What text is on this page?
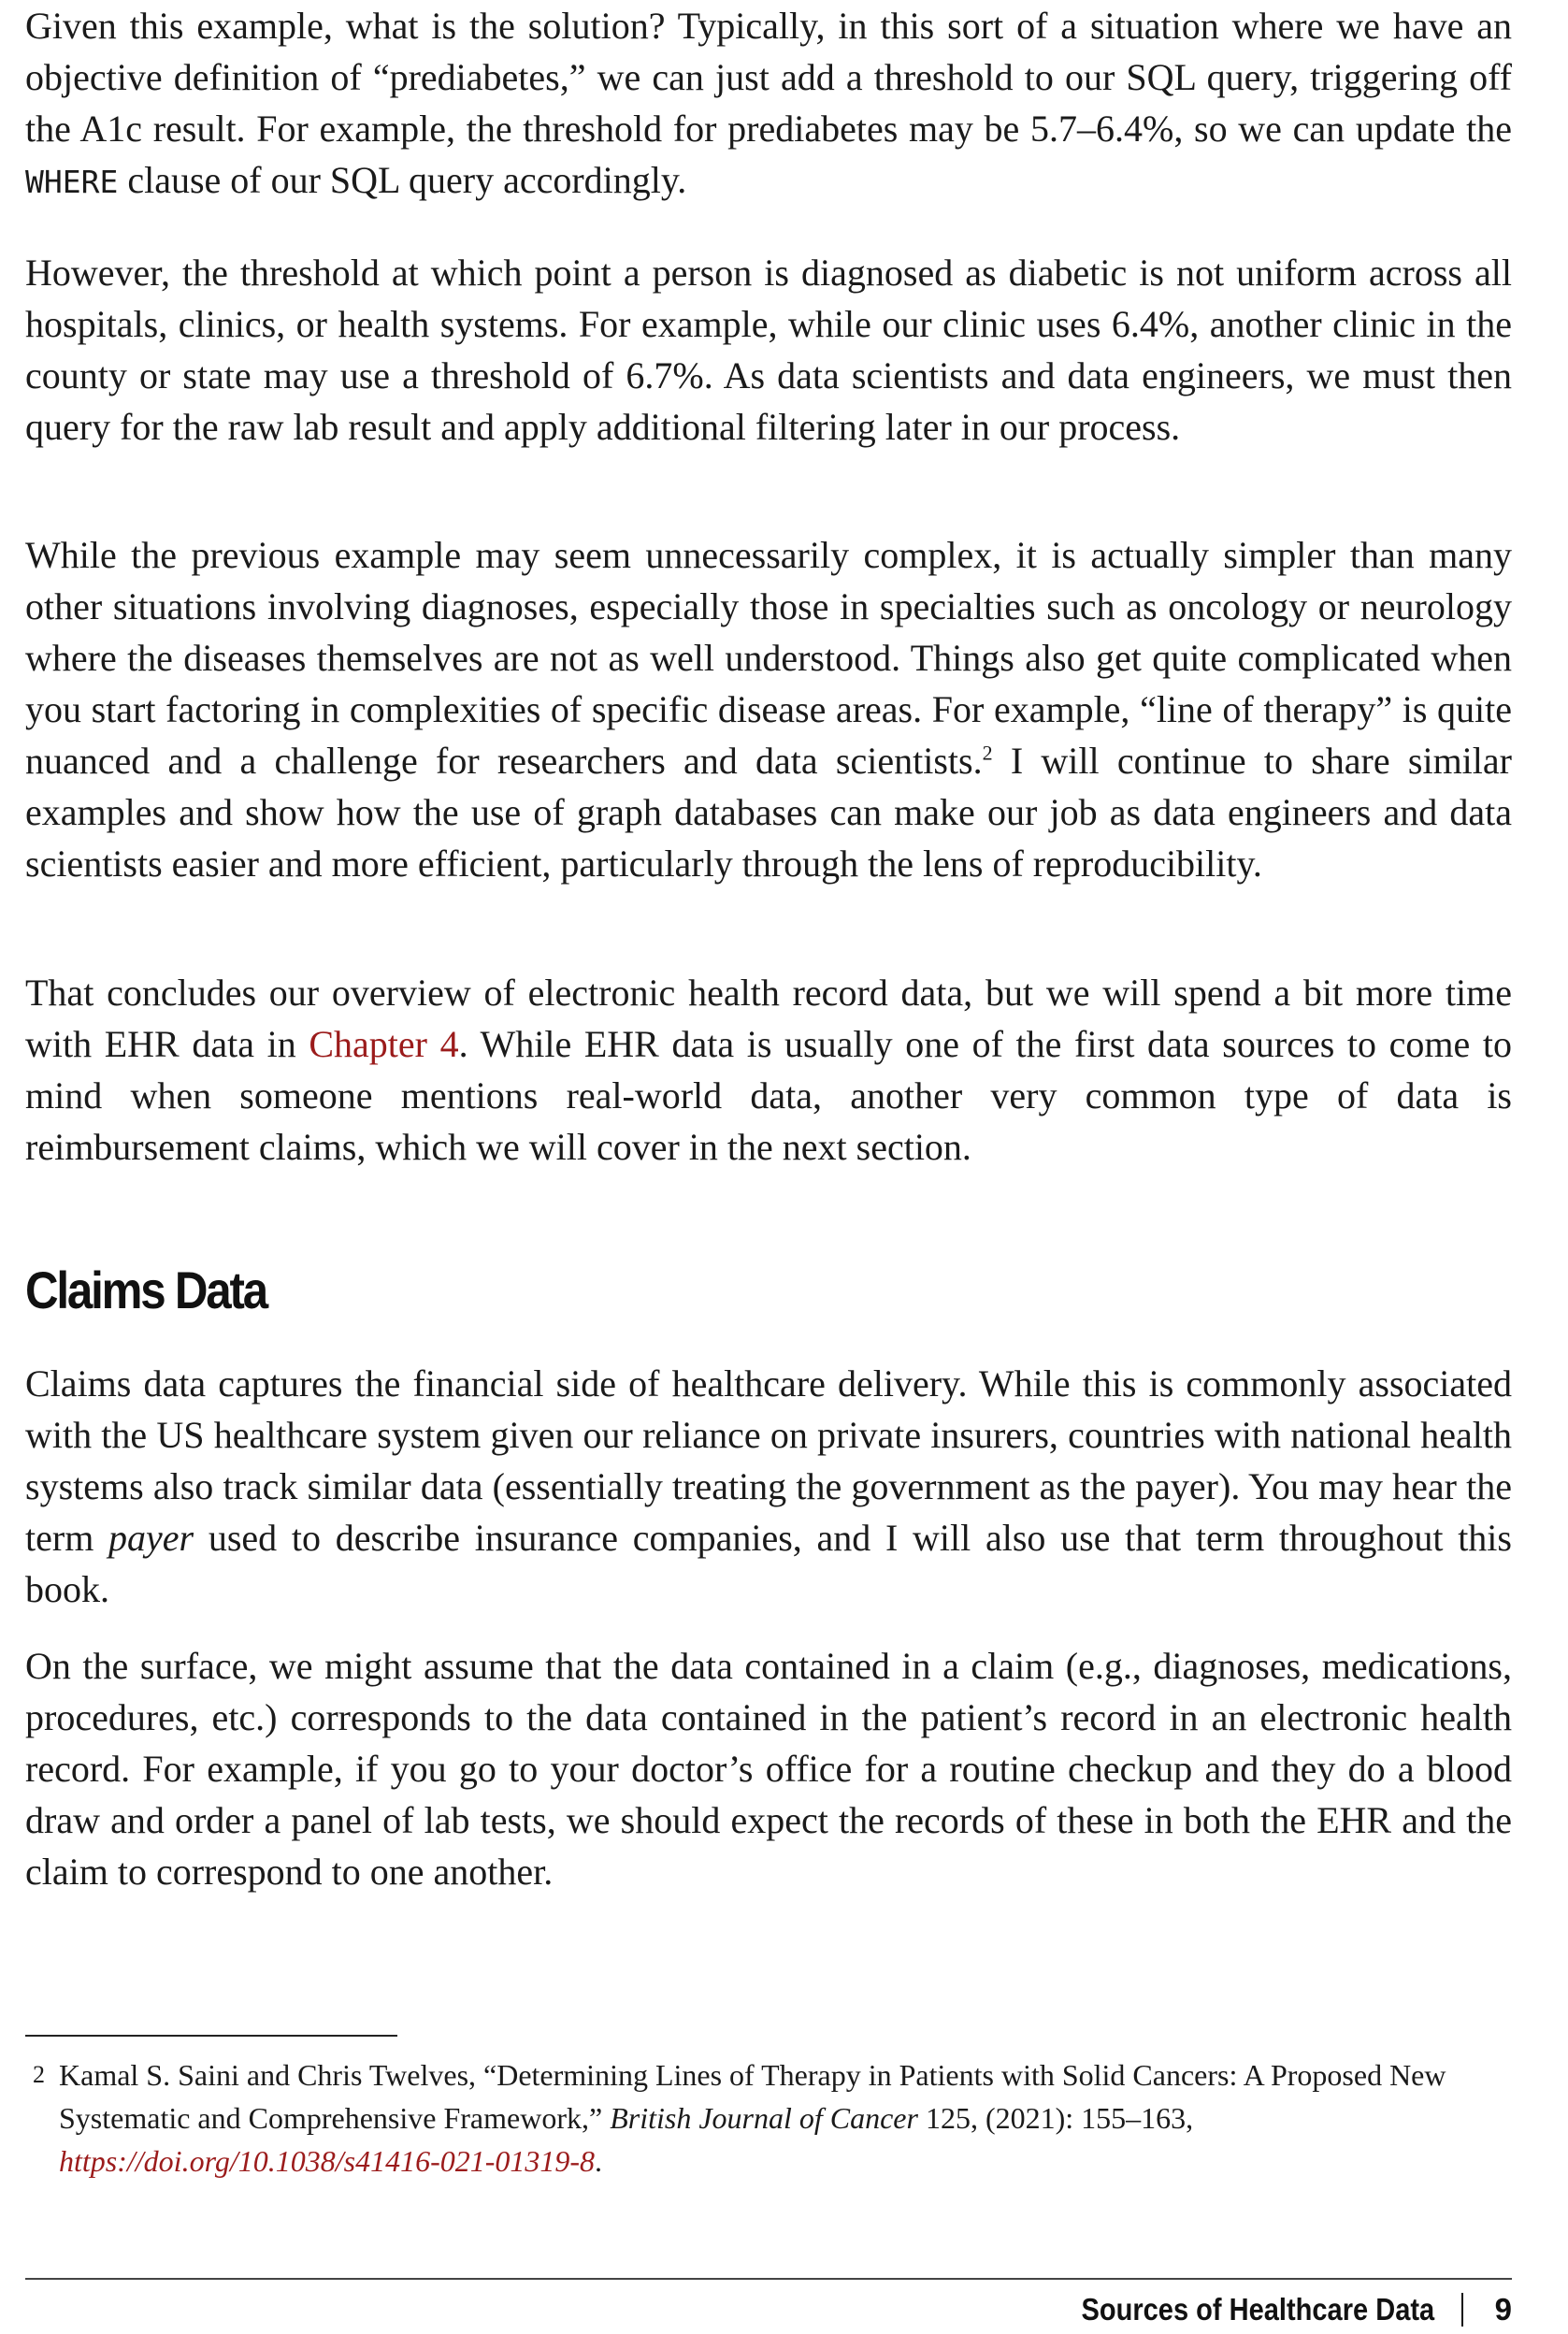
Given this example, what is the solution? Typically, in this sort of a situation where we have an objective definition of “prediabetes,” we can just add a threshold to our SQL query, triggering off the A1c result. For example, the threshold for prediabetes may be 5.7–6.4%, so we can update the WHERE clause of our SQL query accordingly.

However, the threshold at which point a person is diagnosed as diabetic is not uniform across all hospitals, clinics, or health systems. For example, while our clinic uses 6.4%, another clinic in the county or state may use a threshold of 6.7%. As data scientists and data engineers, we must then query for the raw lab result and apply additional filtering later in our process.

While the previous example may seem unnecessarily complex, it is actually simpler than many other situations involving diagnoses, especially those in specialties such as oncology or neurology where the diseases themselves are not as well understood. Things also get quite complicated when you start factoring in complexities of specific disease areas. For example, “line of therapy” is quite nuanced and a challenge for researchers and data scientists.$^2$ I will continue to share similar examples and show how the use of graph databases can make our job as data engineers and data scientists easier and more efficient, particularly through the lens of reproducibility.

That concludes our overview of electronic health record data, but we will spend a bit more time with EHR data in Chapter 4. While EHR data is usually one of the first data sources to come to mind when someone mentions real-world data, another very common type of data is reimbursement claims, which we will cover in the next section.

Claims Data

Claims data captures the financial side of healthcare delivery. While this is commonly associated with the US healthcare system given our reliance on private insurers, countries with national health systems also track similar data (essentially treating the government as the payer). You may hear the term payer used to describe insurance companies, and I will also use that term throughout this book.

On the surface, we might assume that the data contained in a claim (e.g., diagnoses, medications, procedures, etc.) corresponds to the data contained in the patient’s record in an electronic health record. For example, if you go to your doctor’s office for a routine checkup and they do a blood draw and order a panel of lab tests, we should expect the records of these in both the EHR and the claim to correspond to one another.

2 Kamal S. Saini and Chris Twelves, “Determining Lines of Therapy in Patients with Solid Cancers: A Proposed New Systematic and Comprehensive Framework,” British Journal of Cancer 125, (2021): 155–163, https://doi.org/10.1038/s41416-021-01319-8.
Sources of Healthcare Data 9
